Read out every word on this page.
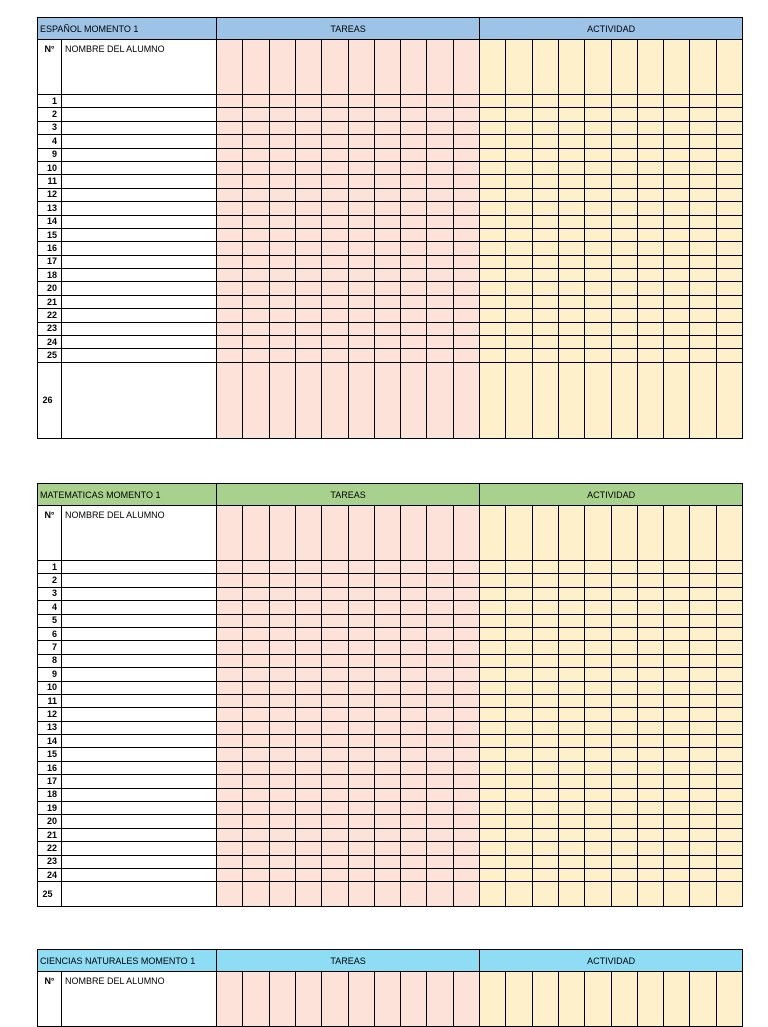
ESPAÑOL MOMENTO 1		TAREAS										ACTIVIDAD									
N°	NOMBRE DEL ALUMNO																				
1																					
2																					
3																					
4																					
9																					
10																					
11																					
12																					
13																					
14																					
15																					
16																					
17																					
18																					
20																					
21																					
22																					
23																					
24																					
25																					
26																					
MATEMATICAS MOMENTO 1		TAREAS										ACTIVIDAD									
N°	NOMBRE DEL ALUMNO																				
1																					
2																					
3																					
4																					
5																					
6																					
7																					
8																					
9																					
10																					
11																					
12																					
13																					
14																					
15																					
16																					
17																					
18																					
19																					
20																					
21																					
22																					
23																					
24																					
25																					
CIENCIAS NATURALES MOMENTO 1		TAREAS										ACTIVIDAD									
N°	NOMBRE DEL ALUMNO																				
